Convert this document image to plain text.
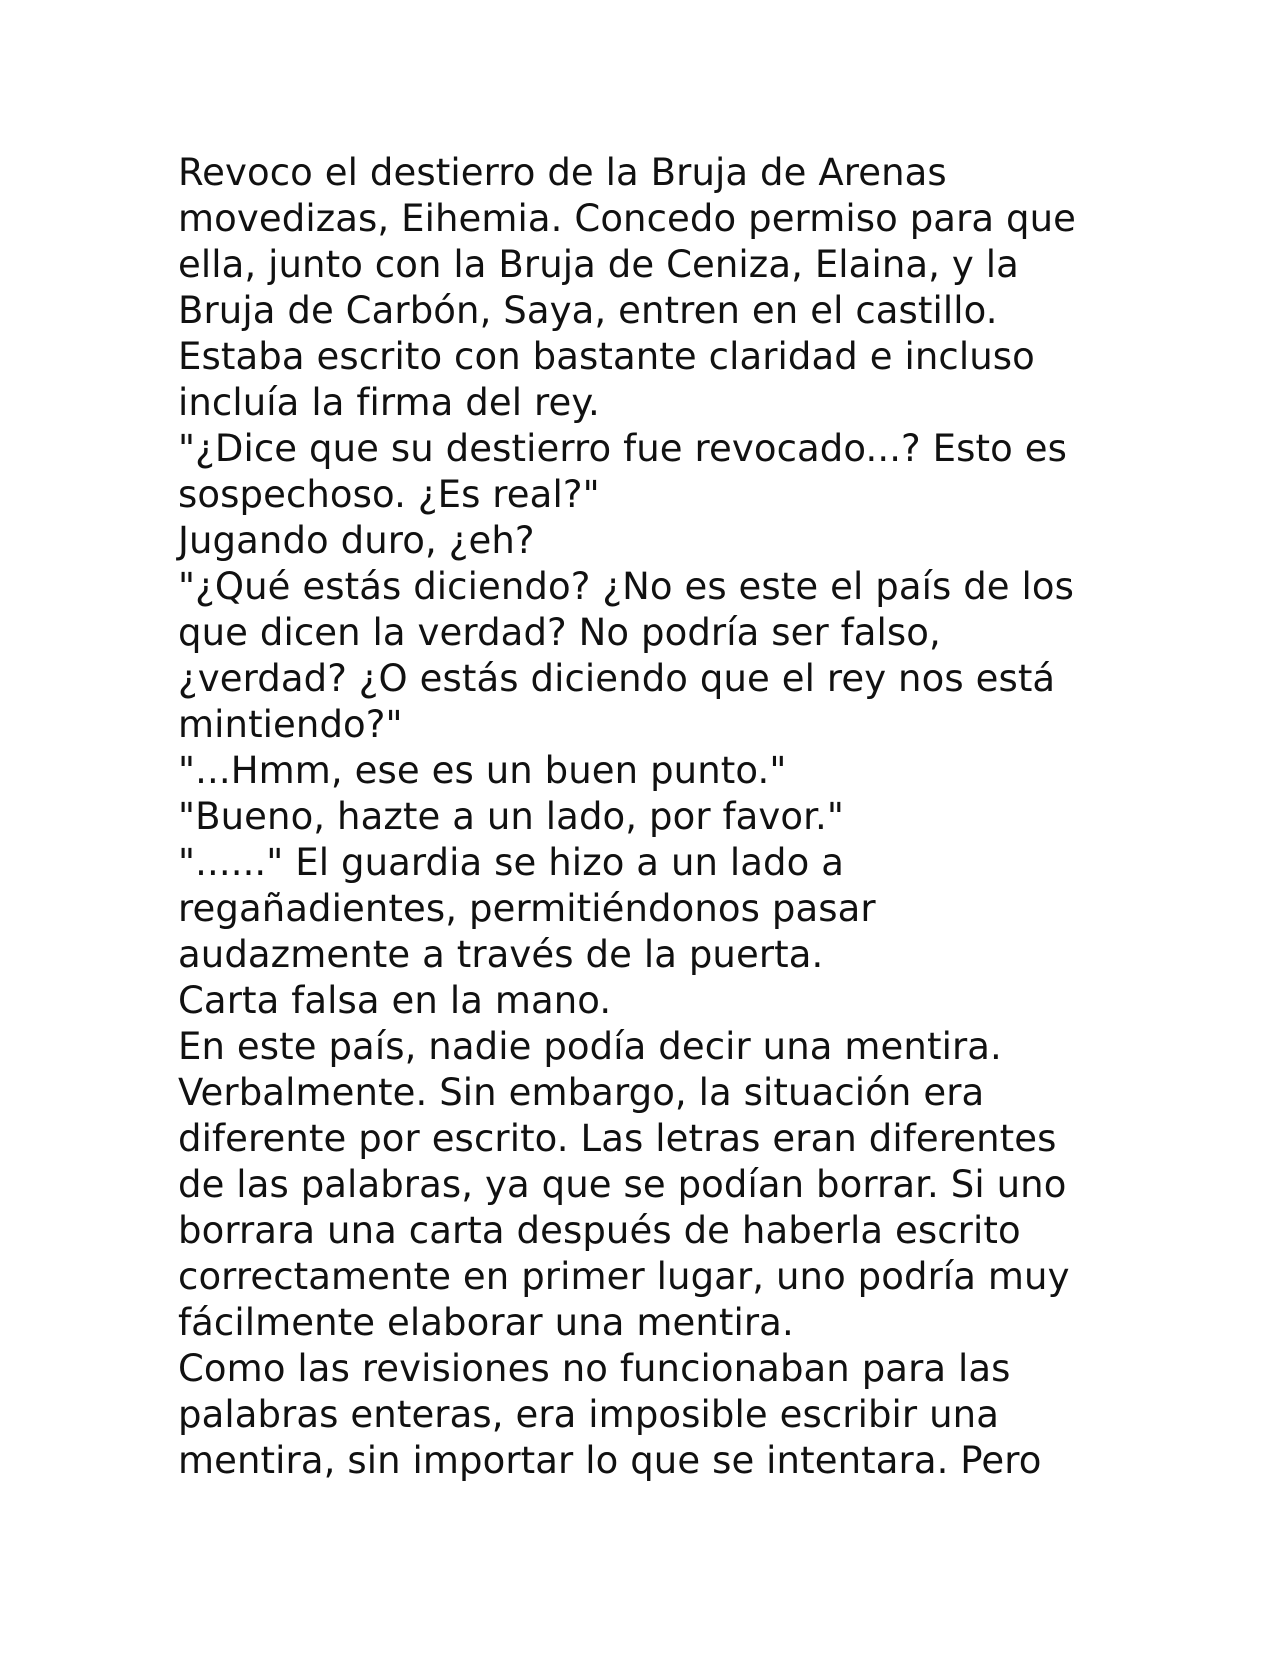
Revoco el destierro de la Bruja de Arenas
movedizas, Eihemia. Concedo permiso para que
ella, junto con la Bruja de Ceniza, Elaina, y la
Bruja de Carbón, Saya, entren en el castillo.
Estaba escrito con bastante claridad e incluso
incluía la firma del rey.
"¿Dice que su destierro fue revocado...? Esto es
sospechoso. ¿Es real?"
Jugando duro, ¿eh?
"¿Qué estás diciendo? ¿No es este el país de los
que dicen la verdad? No podría ser falso,
¿verdad? ¿O estás diciendo que el rey nos está
mintiendo?"
"...Hmm, ese es un buen punto."
"Bueno, hazte a un lado, por favor."
"......" El guardia se hizo a un lado a
regañadientes, permitiéndonos pasar
audazmente a través de la puerta.
Carta falsa en la mano.
En este país, nadie podía decir una mentira.
Verbalmente. Sin embargo, la situación era
diferente por escrito. Las letras eran diferentes
de las palabras, ya que se podían borrar. Si uno
borrara una carta después de haberla escrito
correctamente en primer lugar, uno podría muy
fácilmente elaborar una mentira.
Como las revisiones no funcionaban para las
palabras enteras, era imposible escribir una
mentira, sin importar lo que se intentara. Pero
